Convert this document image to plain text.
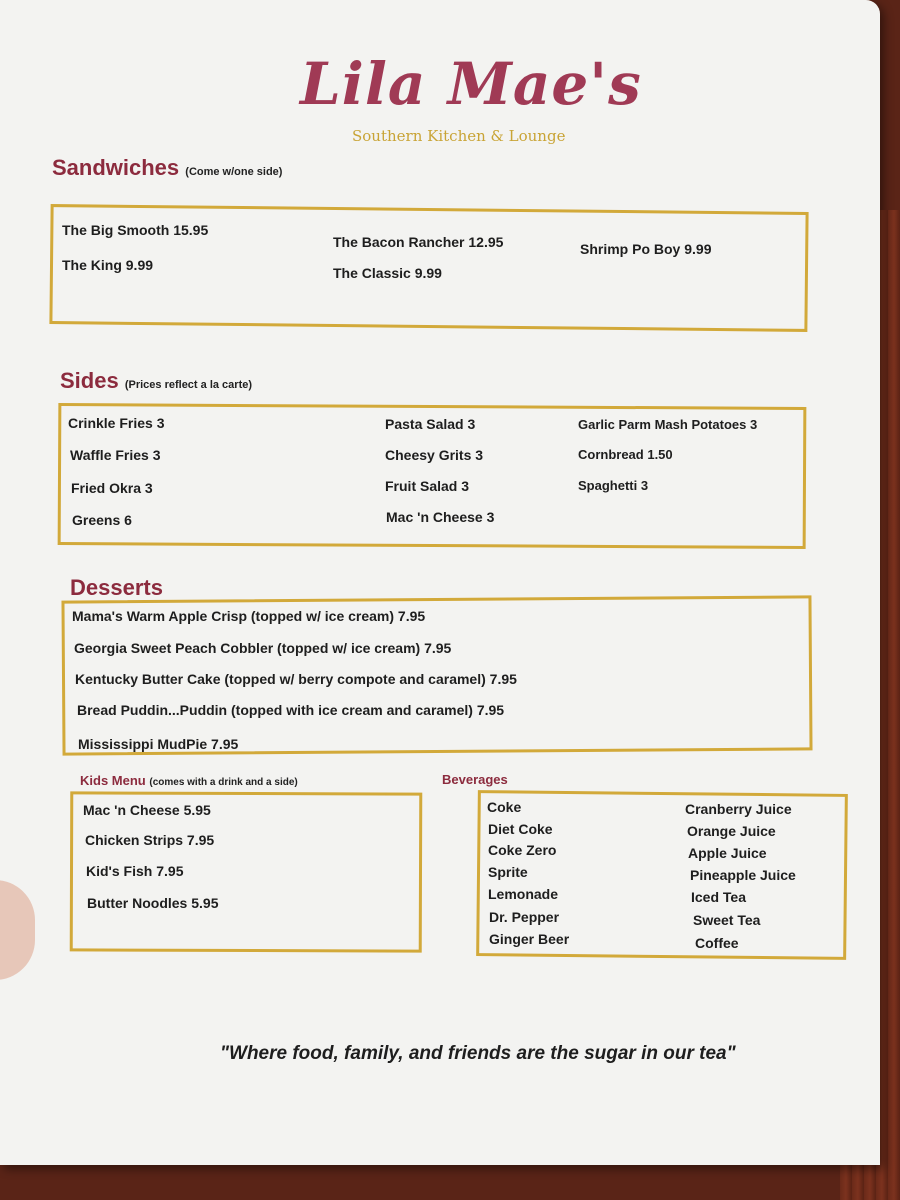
Lila Mae's
Southern Kitchen & Lounge
Sandwiches (Come w/one side)
The Big Smooth 15.95
The King 9.99
The Bacon Rancher 12.95
The Classic 9.99
Shrimp Po Boy 9.99
Sides (Prices reflect a la carte)
Crinkle Fries 3
Waffle Fries 3
Fried Okra 3
Greens 6
Pasta Salad 3
Cheesy Grits 3
Fruit Salad 3
Mac 'n Cheese 3
Garlic Parm Mash Potatoes 3
Cornbread 1.50
Spaghetti 3
Desserts
Mama's Warm Apple Crisp (topped w/ ice cream) 7.95
Georgia Sweet Peach Cobbler (topped w/ ice cream) 7.95
Kentucky Butter Cake (topped w/ berry compote and caramel) 7.95
Bread Puddin...Puddin (topped with ice cream and caramel) 7.95
Mississippi MudPie 7.95
Kids Menu (comes with a drink and a side)
Mac 'n Cheese 5.95
Chicken Strips 7.95
Kid's Fish 7.95
Butter Noodles 5.95
Beverages
Coke
Diet Coke
Coke Zero
Sprite
Lemonade
Dr. Pepper
Ginger Beer
Cranberry Juice
Orange Juice
Apple Juice
Pineapple Juice
Iced Tea
Sweet Tea
Coffee
"Where food, family, and friends are the sugar in our tea"
